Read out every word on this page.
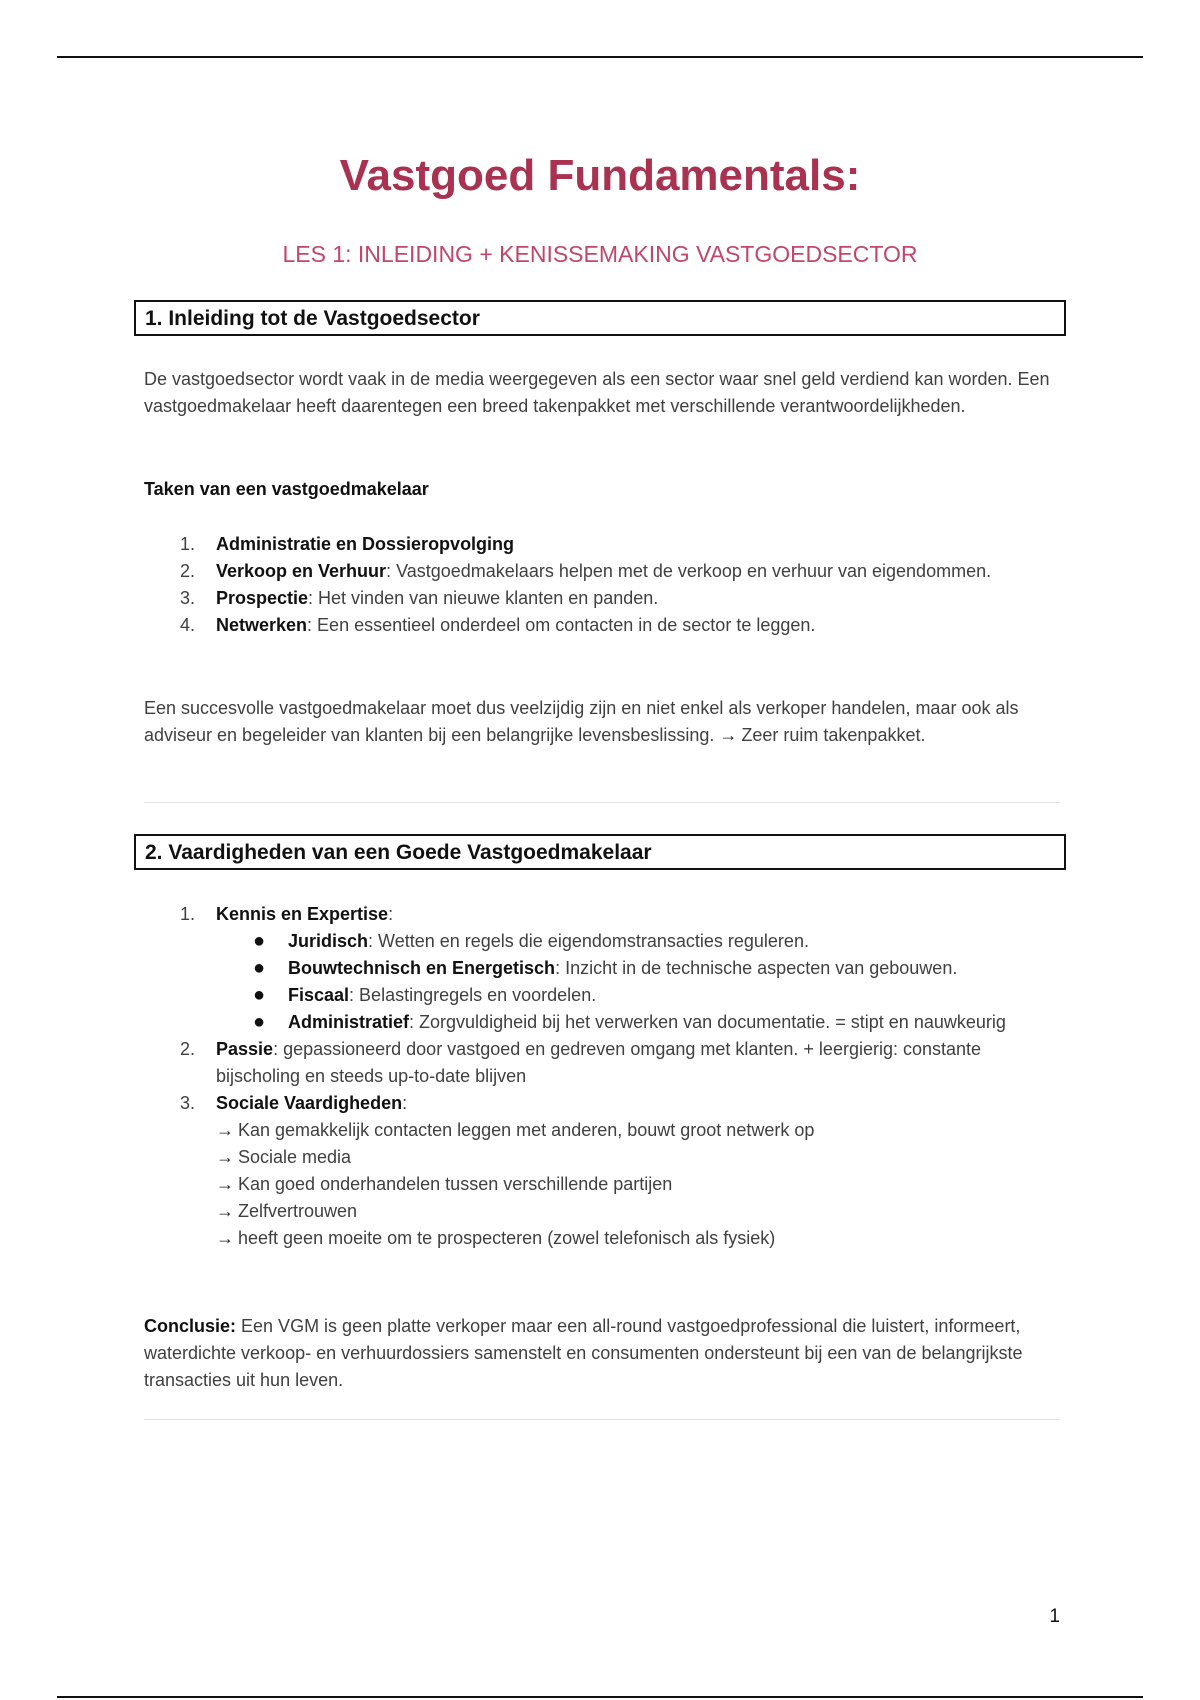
Vastgoed Fundamentals:
LES 1: INLEIDING + KENISSEMAKING VASTGOEDSECTOR
1. Inleiding tot de Vastgoedsector

De vastgoedsector wordt vaak in de media weergegeven als een sector waar snel geld verdiend kan worden. Een vastgoedmakelaar heeft daarentegen een breed takenpakket met verschillende verantwoordelijkheden.

Taken van een vastgoedmakelaar
1.	Administratie en Dossieropvolging
2.	Verkoop en Verhuur: Vastgoedmakelaars helpen met de verkoop en verhuur van eigendommen.
3.	Prospectie: Het vinden van nieuwe klanten en panden.
4.	Netwerken: Een essentieel onderdeel om contacten in de sector te leggen.

Een succesvolle vastgoedmakelaar moet dus veelzijdig zijn en niet enkel als verkoper handelen, maar ook als adviseur en begeleider van klanten bij een belangrijke levensbeslissing. → Zeer ruim takenpakket.

2. Vaardigheden van een Goede Vastgoedmakelaar
1.	Kennis en Expertise:
● Juridisch: Wetten en regels die eigendomstransacties reguleren.
● Bouwtechnisch en Energetisch: Inzicht in de technische aspecten van gebouwen.
● Fiscaal: Belastingregels en voordelen.
● Administratief: Zorgvuldigheid bij het verwerken van documentatie. = stipt en nauwkeurig
2.	Passie: gepassioneerd door vastgoed en gedreven omgang met klanten. + leergierig: constante bijscholing en steeds up-to-date blijven
3.	Sociale Vaardigheden:
→ Kan gemakkelijk contacten leggen met anderen, bouwt groot netwerk op
→ Sociale media
→ Kan goed onderhandelen tussen verschillende partijen
→ Zelfvertrouwen
→ heeft geen moeite om te prospecteren (zowel telefonisch als fysiek)

Conclusie: Een VGM is geen platte verkoper maar een all-round vastgoedprofessional die luistert, informeert, waterdichte verkoop- en verhuurdossiers samenstelt en consumenten ondersteunt bij een van de belangrijkste transacties uit hun leven.

1
